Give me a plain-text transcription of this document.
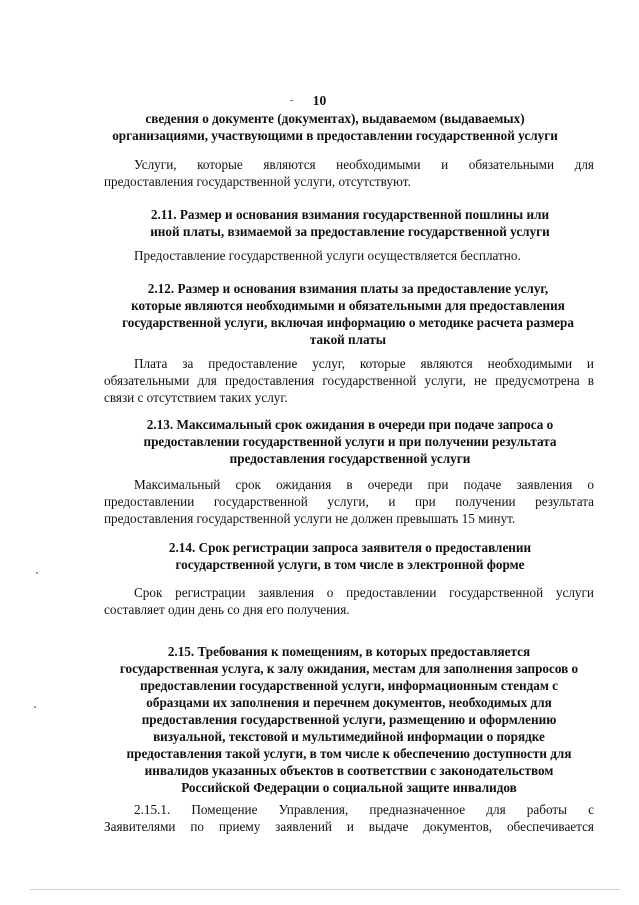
10
сведения о документе (документах), выдаваемом (выдаваемых)
организациями, участвующими в предоставлении государственной услуги
Услуги, которые являются необходимыми и обязательными для
предоставления государственной услуги, отсутствуют.
2.11. Размер и основания взимания государственной пошлины или
иной платы, взимаемой за предоставление государственной услуги
Предоставление государственной услуги осуществляется бесплатно.
2.12. Размер и основания взимания платы за предоставление услуг,
которые являются необходимыми и обязательными для предоставления
государственной услуги, включая информацию о методике расчета размера
такой платы
Плата за предоставление услуг, которые являются необходимыми и
обязательными для предоставления государственной услуги, не предусмотрена в
связи с отсутствием таких услуг.
2.13. Максимальный срок ожидания в очереди при подаче запроса о
предоставлении государственной услуги и при получении результата
предоставления государственной услуги
Максимальный срок ожидания в очереди при подаче заявления о
предоставлении государственной услуги, и при получении результата
предоставления государственной услуги не должен превышать 15 минут.
2.14. Срок регистрации запроса заявителя о предоставлении
государственной услуги, в том числе в электронной форме
Срок регистрации заявления о предоставлении государственной услуги
составляет один день со дня его получения.
2.15. Требования к помещениям, в которых предоставляется
государственная услуга, к залу ожидания, местам для заполнения запросов о
предоставлении государственной услуги, информационным стендам с
образцами их заполнения и перечнем документов, необходимых для
предоставления государственной услуги, размещению и оформлению
визуальной, текстовой и мультимедийной информации о порядке
предоставления такой услуги, в том числе к обеспечению доступности для
инвалидов указанных объектов в соответствии с законодательством
Российской Федерации о социальной защите инвалидов
2.15.1. Помещение Управления, предназначенное для работы с
Заявителями по приему заявлений и выдаче документов, обеспечивается
